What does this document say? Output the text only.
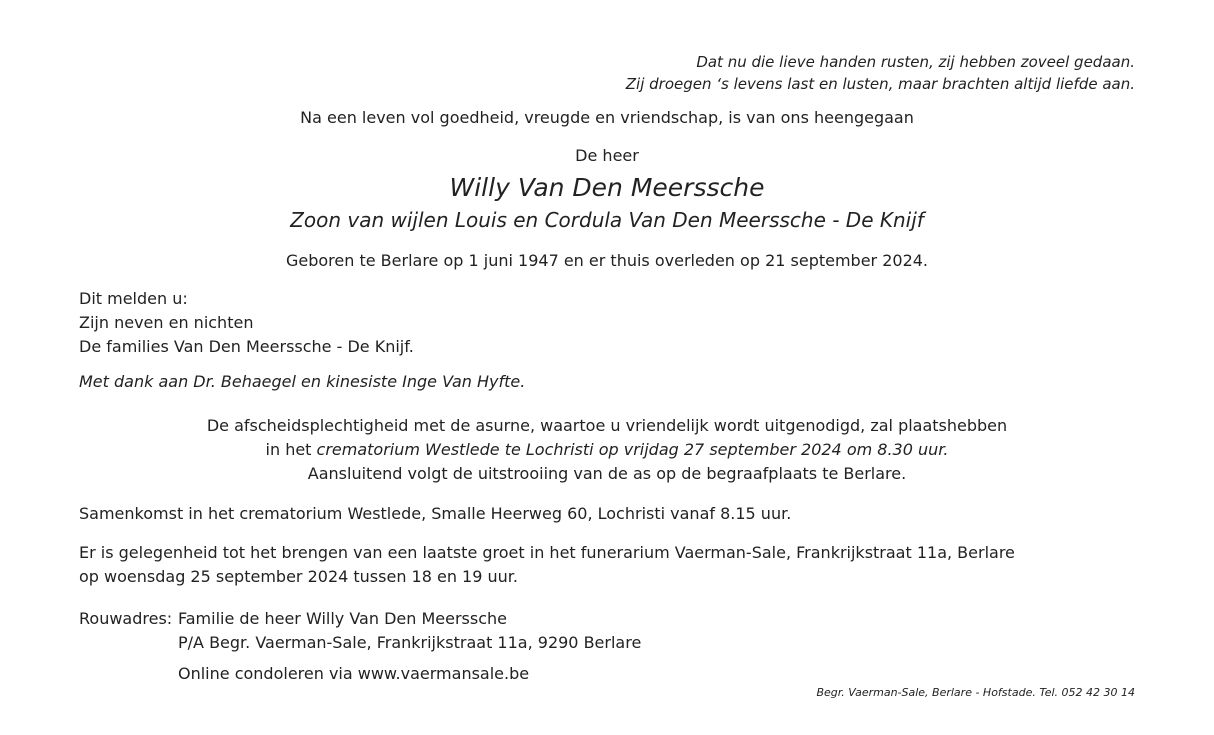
Dat nu die lieve handen rusten, zij hebben zoveel gedaan.
Zij droegen ‘s levens last en lusten, maar brachten altijd liefde aan.
Na een leven vol goedheid, vreugde en vriendschap, is van ons heengegaan
De heer
Willy Van Den Meerssche
Zoon van wijlen Louis en Cordula Van Den Meerssche - De Knijf
Geboren te Berlare op 1 juni 1947 en er thuis overleden op 21 september 2024.
Dit melden u:
Zijn neven en nichten
De families Van Den Meerssche - De Knijf.
Met dank aan Dr. Behaegel en kinesiste Inge Van Hyfte.
De afscheidsplechtigheid met de asurne, waartoe u vriendelijk wordt uitgenodigd, zal plaatshebben
in het crematorium Westlede te Lochristi op vrijdag 27 september 2024 om 8.30 uur.
Aansluitend volgt de uitstrooiing van de as op de begraafplaats te Berlare.
Samenkomst in het crematorium Westlede, Smalle Heerweg 60, Lochristi vanaf 8.15 uur.
Er is gelegenheid tot het brengen van een laatste groet in het funerarium Vaerman-Sale, Frankrijkstraat 11a, Berlare
op woensdag 25 september 2024 tussen 18 en 19 uur.
Rouwadres: Familie de heer Willy Van Den Meerssche
P/A Begr. Vaerman-Sale, Frankrijkstraat 11a, 9290 Berlare
Online condoleren via www.vaermansale.be
Begr. Vaerman-Sale, Berlare - Hofstade. Tel. 052 42 30 14
